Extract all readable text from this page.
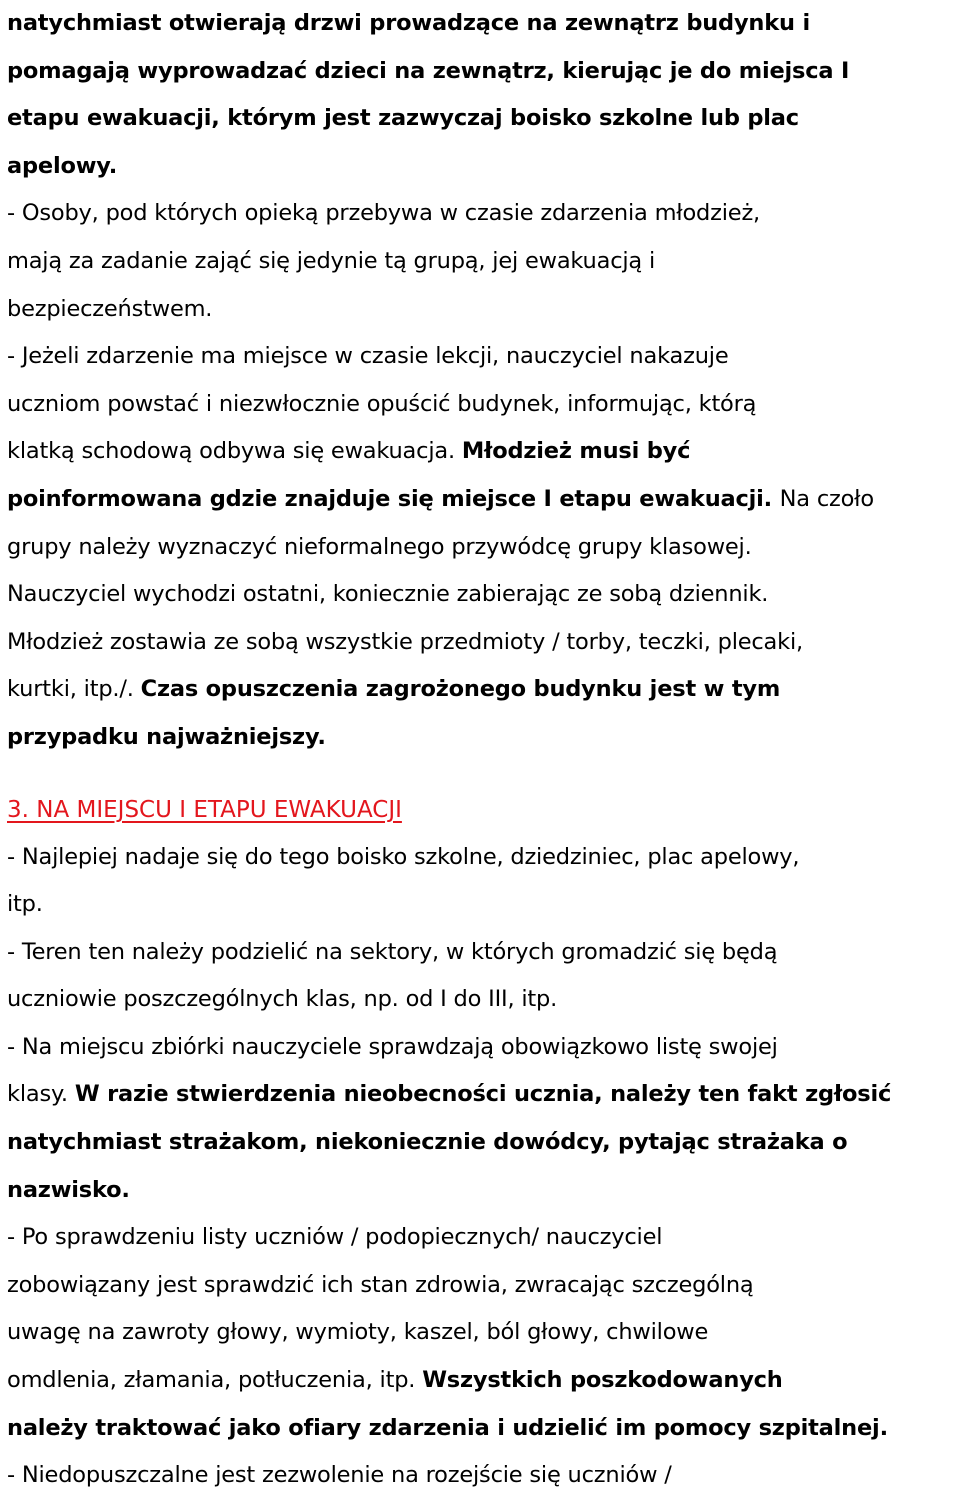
natychmiast otwierają drzwi prowadzące na zewnątrz budynku i
pomagają wyprowadzać dzieci na zewnątrz, kierując je do miejsca I
etapu ewakuacji, którym jest zazwyczaj boisko szkolne lub plac
apelowy.
- Osoby, pod których opieką przebywa w czasie zdarzenia młodzież,
mają za zadanie zająć się jedynie tą grupą, jej ewakuacją i
bezpieczeństwem.
- Jeżeli zdarzenie ma miejsce w czasie lekcji, nauczyciel nakazuje
uczniom powstać i niezwłocznie opuścić budynek, informując, którą
klatką schodową odbywa się ewakuacja. Młodzież musi być
poinformowana gdzie znajduje się miejsce I etapu ewakuacji. Na czoło
grupy należy wyznaczyć nieformalnego przywódcę grupy klasowej.
Nauczyciel wychodzi ostatni, koniecznie zabierając ze sobą dziennik.
Młodzież zostawia ze sobą wszystkie przedmioty / torby, teczki, plecaki,
kurtki, itp./. Czas opuszczenia zagrożonego budynku jest w tym
przypadku najważniejszy.
3. NA MIEJSCU I ETAPU EWAKUACJI
- Najlepiej nadaje się do tego boisko szkolne, dziedziniec, plac apelowy,
itp.
- Teren ten należy podzielić na sektory, w których gromadzić się będą
uczniowie poszczególnych klas, np. od I do III, itp.
- Na miejscu zbiórki nauczyciele sprawdzają obowiązkowo listę swojej
klasy. W razie stwierdzenia nieobecności ucznia, należy ten fakt zgłosić
natychmiast strażakom, niekoniecznie dowódcy, pytając strażaka o
nazwisko.
- Po sprawdzeniu listy uczniów / podopiecznych/ nauczyciel
zobowiązany jest sprawdzić ich stan zdrowia, zwracając szczególną
uwagę na zawroty głowy, wymioty, kaszel, ból głowy, chwilowe
omdlenia, złamania, potłuczenia, itp. Wszystkich poszkodowanych
należy traktować jako ofiary zdarzenia i udzielić im pomocy szpitalnej.
- Niedopuszczalne jest zezwolenie na rozejście się uczniów /
